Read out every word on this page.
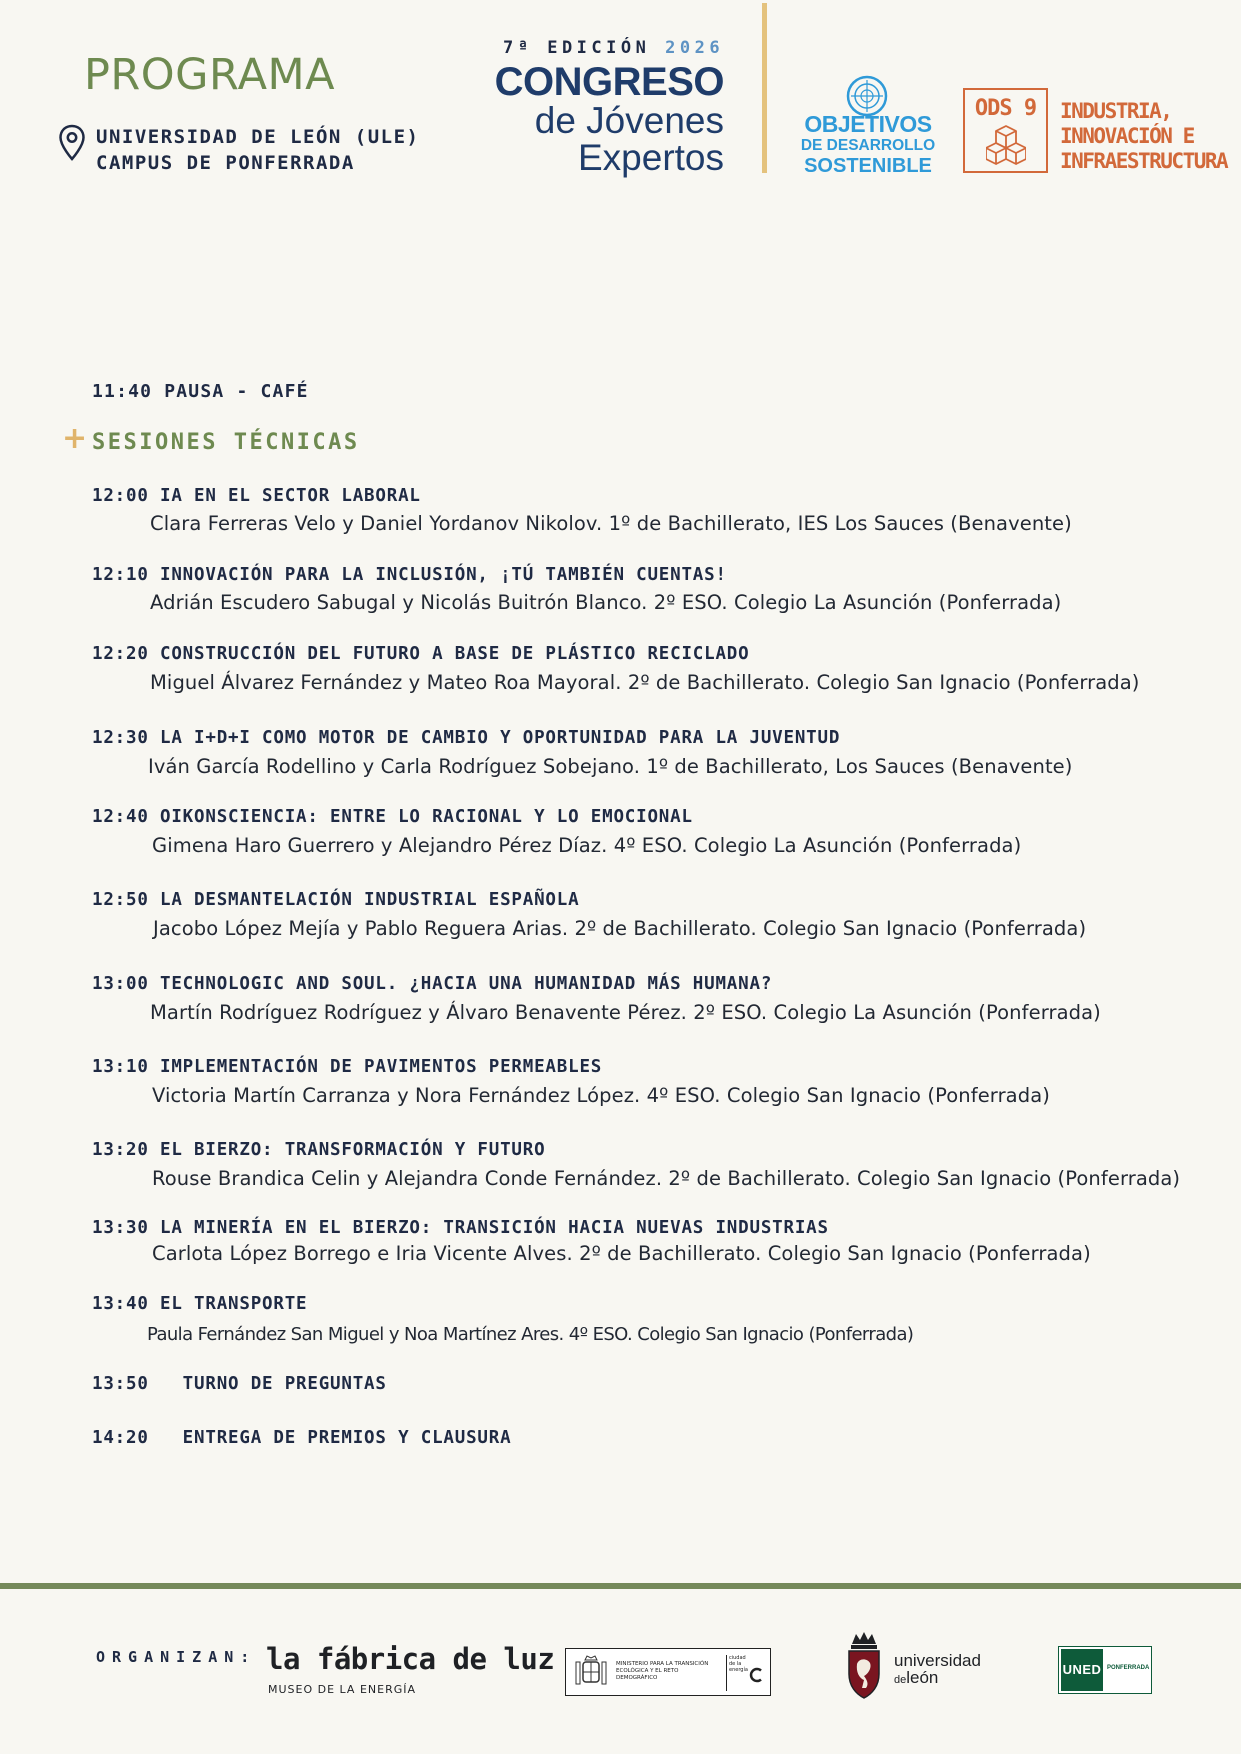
PROGRAMA
UNIVERSIDAD DE LEÓN (ULE)
CAMPUS DE PONFERRADA
7ª EDICIÓN 2026
CONGRESO
de Jóvenes
Expertos
OBJETIVOS
DE DESARROLLO
SOSTENIBLE
ODS 9	INDUSTRIA,
INNOVACIÓN E
INFRAESTRUCTURA
11:40 PAUSA - CAFÉ
+ SESIONES TÉCNICAS
12:00 IA EN EL SECTOR LABORAL
Clara Ferreras Velo y Daniel Yordanov Nikolov. 1º de Bachillerato, IES Los Sauces (Benavente)
12:10 INNOVACIÓN PARA LA INCLUSIÓN, ¡TÚ TAMBIÉN CUENTAS!
Adrián Escudero Sabugal y Nicolás Buitrón Blanco. 2º ESO. Colegio La Asunción (Ponferrada)
12:20 CONSTRUCCIÓN DEL FUTURO A BASE DE PLÁSTICO RECICLADO
Miguel Álvarez Fernández y Mateo Roa Mayoral. 2º de Bachillerato. Colegio San Ignacio (Ponferrada)
12:30 LA I+D+I COMO MOTOR DE CAMBIO Y OPORTUNIDAD PARA LA JUVENTUD
Iván García Rodellino y Carla Rodríguez Sobejano. 1º de Bachillerato, Los Sauces (Benavente)
12:40 OIKONSCIENCIA: ENTRE LO RACIONAL Y LO EMOCIONAL
Gimena Haro Guerrero y Alejandro Pérez Díaz. 4º ESO. Colegio La Asunción (Ponferrada)
12:50 LA DESMANTELACIÓN INDUSTRIAL ESPAÑOLA
Jacobo López Mejía y Pablo Reguera Arias. 2º de Bachillerato. Colegio San Ignacio (Ponferrada)
13:00 TECHNOLOGIC AND SOUL. ¿HACIA UNA HUMANIDAD MÁS HUMANA?
Martín Rodríguez Rodríguez y Álvaro Benavente Pérez. 2º ESO. Colegio La Asunción (Ponferrada)
13:10 IMPLEMENTACIÓN DE PAVIMENTOS PERMEABLES
Victoria Martín Carranza y Nora Fernández López. 4º ESO. Colegio San Ignacio (Ponferrada)
13:20 EL BIERZO: TRANSFORMACIÓN Y FUTURO
Rouse Brandica Celin y Alejandra Conde Fernández. 2º de Bachillerato. Colegio San Ignacio (Ponferrada)
13:30 LA MINERÍA EN EL BIERZO: TRANSICIÓN HACIA NUEVAS INDUSTRIAS
Carlota López Borrego e Iria Vicente Alves. 2º de Bachillerato. Colegio San Ignacio (Ponferrada)
13:40 EL TRANSPORTE
Paula Fernández San Miguel y Noa Martínez Ares. 4º ESO. Colegio San Ignacio (Ponferrada)
13:50   TURNO DE PREGUNTAS
14:20   ENTREGA DE PREMIOS Y CLAUSURA
ORGANIZAN: la fábrica de luz
MUSEO DE LA ENERGÍA
MINISTERIO PARA LA TRANSICIÓN ECOLÓGICA Y EL RETO DEMOGRÁFICO
ciudad de la energía	universidad
deleón	UNED PONFERRADA
